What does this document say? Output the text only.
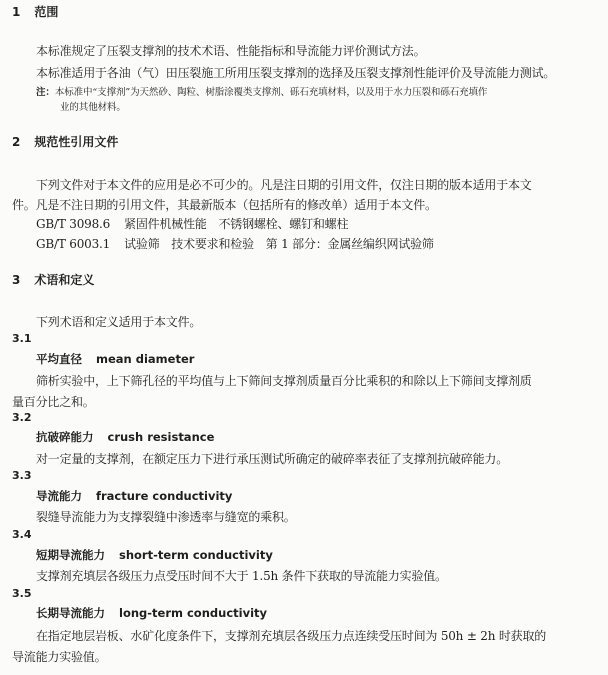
1 范围
本标准规定了压裂支撑剂的技术术语、性能指标和导流能力评价测试方法。
本标准适用于各油（气）田压裂施工所用压裂支撑剂的选择及压裂支撑剂性能评价及导流能力测试。
注：本标准中“支撑剂”为天然砂、陶粒、树脂涂覆类支撑剂、砾石充填材料，以及用于水力压裂和砾石充填作
业的其他材料。
2 规范性引用文件
下列文件对于本文件的应用是必不可少的。凡是注日期的引用文件，仅注日期的版本适用于本文
件。凡是不注日期的引用文件，其最新版本（包括所有的修改单）适用于本文件。
GB/T 3098.6 紧固件机械性能　不锈钢螺栓、螺钉和螺柱
GB/T 6003.1 试验筛　技术要求和检验　第 1 部分：金属丝编织网试验筛
3 术语和定义
下列术语和定义适用于本文件。
3.1
平均直径 mean diameter
筛析实验中，上下筛孔径的平均值与上下筛间支撑剂质量百分比乘积的和除以上下筛间支撑剂质
量百分比之和。
3.2
抗破碎能力 crush resistance
对一定量的支撑剂，在额定压力下进行承压测试所确定的破碎率表征了支撑剂抗破碎能力。
3.3
导流能力 fracture conductivity
裂缝导流能力为支撑裂缝中渗透率与缝宽的乘积。
3.4
短期导流能力 short-term conductivity
支撑剂充填层各级压力点受压时间不大于 1.5h 条件下获取的导流能力实验值。
3.5
长期导流能力 long-term conductivity
在指定地层岩板、水矿化度条件下，支撑剂充填层各级压力点连续受压时间为 50h ± 2h 时获取的
导流能力实验值。
